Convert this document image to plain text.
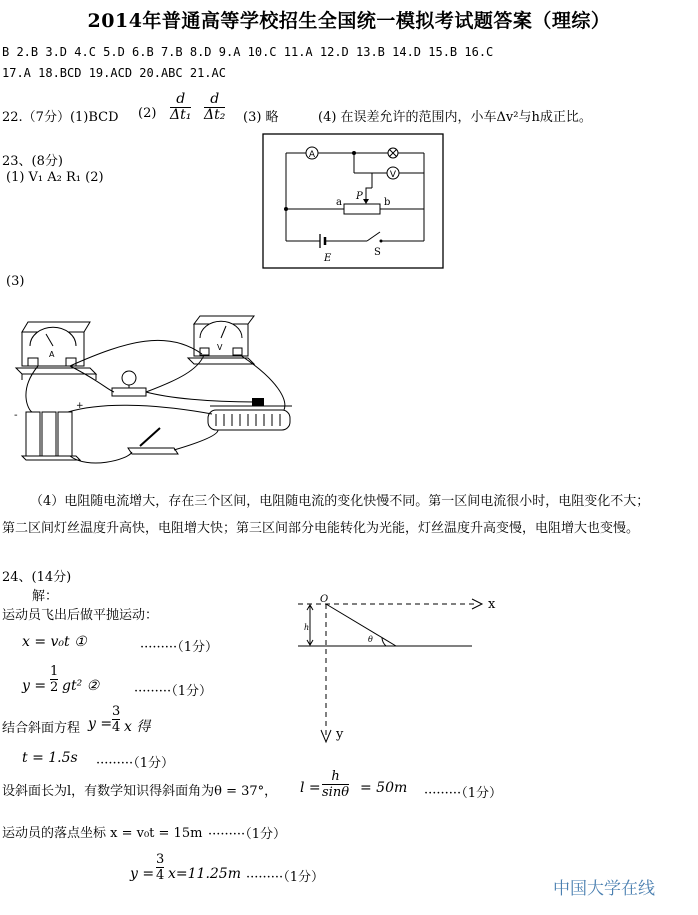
2014年普通高等学校招生全国统一模拟考试题答案（理综）
B 2.B 3.D 4.C 5.D 6.B 7.B 8.D 9.A 10.C 11.A 12.D 13.B 14.D 15.B 16.C
17.A 18.BCD 19.ACD 20.ABC 21.AC
22.（7分）(1)BCD $(2) \frac{d}{\text{Δt₁}} \frac{d}{\text{Δt₂}} (3)$ 略	(4) 在误差允许的范围内，小车Δv²与h成正比。
23、(8分)
(1) V₁ A₂ R₁ (2)
A
V
P
a	b
E
S
(3)
A
V
-
+
（4）电阻随电流增大，存在三个区间，电阻随电流的变化快慢不同。第一区间电流很小时，电阻变化不大；
第二区间灯丝温度升高快，电阻增大快；第三区间部分电能转化为光能，灯丝温度升高变慢，电阻增大也变慢。
24、(14分)
解：
运动员飞出后做平抛运动：
x = v₀t ①	·········（1分）
$y = \frac{1}{2} gt^2$ ②	·········（1分）
结合斜面方程 $y = \frac{3}{4}$ x 得
t = 1.5s ·········（1分）
设斜面长为l，有数学知识得斜面角为θ = 37°， $l = \frac{h}{\sin\theta} = 50m \cdot\cdot\cdot\cdot\cdot\cdot\cdot\cdot\cdot(1$分）
运动员的落点坐标 x = v₀t = 15m ·········（1分）
$y = \frac{3}{4} x=11.25m \cdot\cdot\cdot\cdot\cdot\cdot\cdot\cdot\cdot(1$分）
O	x
y
h
θ
中国大学在线
